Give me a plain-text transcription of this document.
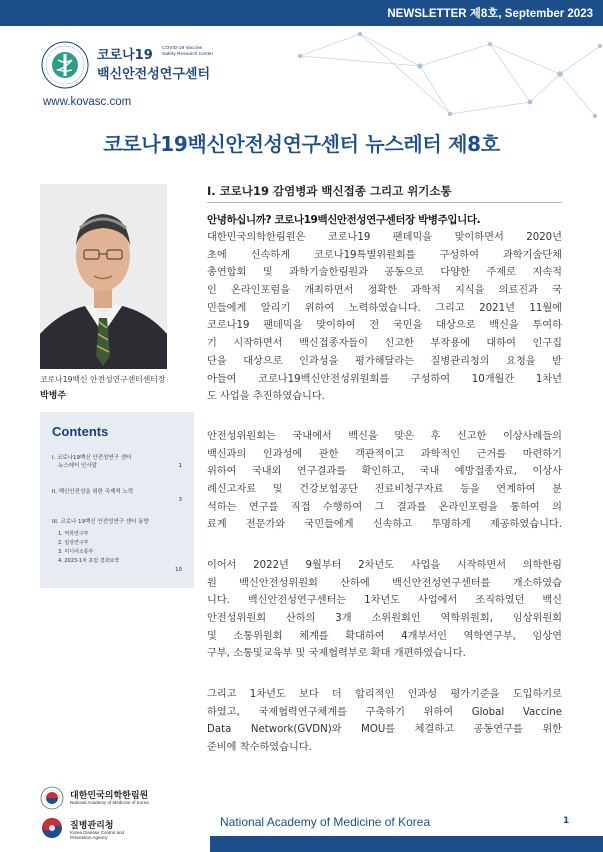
NEWSLETTER 제8호, September 2023
코로나19 COVID-19 Vaccine
Safety Research Center
백신안전성연구센터
www.kovasc.com
코로나19백신안전성연구센터 뉴스레터 제8호
코로나19백신 안전성연구센터센터장
박병주
Contents
I. 코로나19백신 안전성연구 센터
뉴스레터 인사말	1
II. 백신안전성을 위한 국제적 노력
3
III. 코로나 19백신 안전성연구 센터 동향
1. 역학연구부
2. 임상연구부
3. 미디어소통부
4. 2023-1차 포럼 결과요약
10
I. 코로나19 감염병과 백신접종 그리고 위기소통

안녕하십니까? 코로나19백신안전성연구센터장 박병주입니다.

대한민국의학한림원은 코로나19 팬데믹을 맞이하면서 2020년
초에 신속하게 코로나19특별위원회를 구성하여 과학기술단체
총연합회 및 과학기술한림원과 공동으로 다양한 주제로 지속적
인 온라인포럼을 개최하면서 정확한 과학적 지식을 의료진과 국
민들에게 알리기 위하여 노력하였습니다. 그리고 2021년 11월에
코로나19 팬데믹을 맞이하여 전 국민을 대상으로 백신을 투여하
기 시작하면서 백신접종자들이 신고한 부작용에 대하여 인구집
단을 대상으로 인과성을 평가해달라는 질병관리청의 요청을 받
아들여 코로나19백신안전성위원회를 구성하여 10개월간 1차년
도 사업을 추진하였습니다.
안전성위원회는 국내에서 백신을 맞은 후 신고한 이상사례들의
백신과의 인과성에 관한 객관적이고 과학적인 근거를 마련하기
위하여 국내외 연구결과를 확인하고, 국내 예방접종자료, 이상사
례신고자료 및 건강보험공단 진료비청구자료 등을 연계하여 분
석하는 연구를 직접 수행하여 그 결과를 온라인포럼을 통하여 의
료계 전문가와 국민들에게 신속하고 투명하게 제공하였습니다.
이어서 2022년 9월부터 2차년도 사업을 시작하면서 의학한림
원 백신안전성위원회 산하에 백신안전성연구센터를 개소하였습
니다. 백신안전성연구센터는 1차년도 사업에서 조직하였던 백신
안전성위원회 산하의 3개 소위원회인 역학위원회, 임상위원회
및 소통위원회 체계를 확대하여 4개부서인 역학연구부, 임상연
구부, 소통및교육부 및 국제협력부로 확대 개편하였습니다.
그리고 1차년도 보다 더 합리적인 인과성 평가기준을 도입하기로
하였고, 국제협력연구체계를 구축하기 위하여 Global Vaccine
Data Network(GVDN)와 MOU를 체결하고 공동연구를 위한
준비에 착수하였습니다.
대한민국의학한림원
National Academy of Medicine of Korea
질병관리청
Korea Disease Control and
Prevention Agency
National Academy of Medicine of Korea	1
